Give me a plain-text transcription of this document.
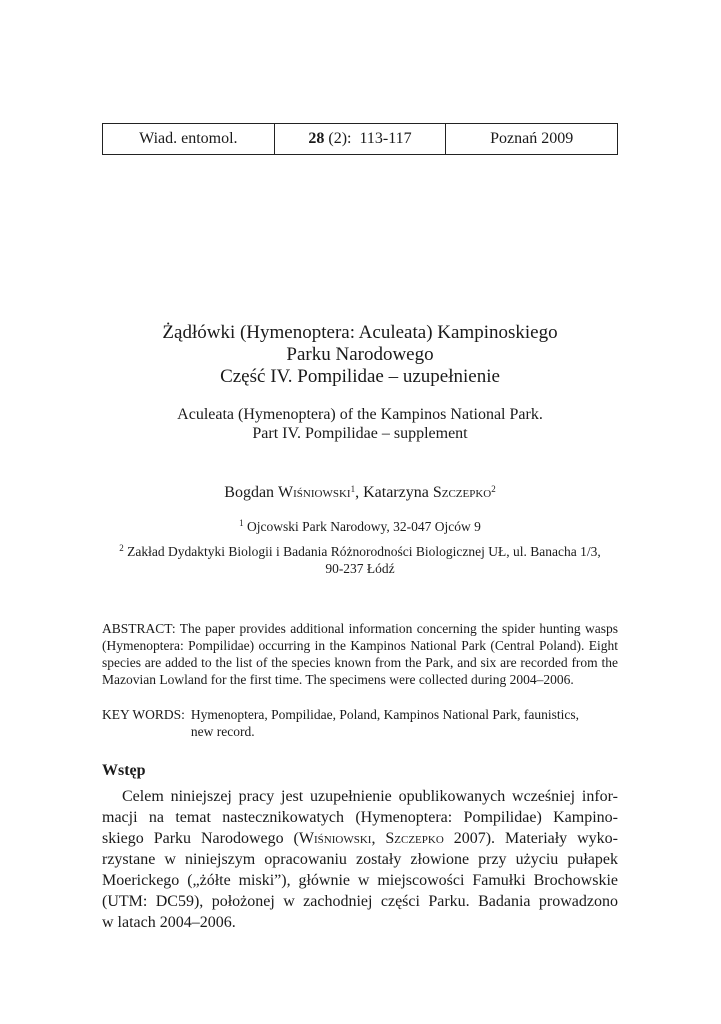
Wiad. entomol.	28 (2):  113-117	Poznań 2009
Żądłówki (Hymenoptera: Aculeata) Kampinoskiego
Parku Narodowego
Część IV. Pompilidae – uzupełnienie
Aculeata (Hymenoptera) of the Kampinos National Park.
Part IV. Pompilidae – supplement
Bogdan Wiśniowski$^1$, Katarzyna Szczepko$^2$
$^1$ Ojcowski Park Narodowy, 32-047 Ojców 9
$^2$ Zakład Dydaktyki Biologii i Badania Różnorodności Biologicznej UŁ, ul. Banacha 1/3,
90-237 Łódź

ABSTRACT: The paper provides additional information concerning the spider hunting wasps (Hymenoptera: Pompilidae) occurring in the Kampinos National Park (Central Poland). Eight species are added to the list of the species known from the Park, and six are recorded from the Mazovian Lowland for the first time. The specimens were collected during 2004–2006.

KEY WORDS: Hymenoptera, Pompilidae, Poland, Kampinos National Park, faunistics,
new record.
Wstęp
Celem niniejszej pracy jest uzupełnienie opublikowanych wcześniej infor-
macji na temat nastecznikowatych (Hymenoptera: Pompilidae) Kampino-
skiego Parku Narodowego (Wiśniowski, Szczepko 2007). Materiały wyko-
rzystane w niniejszym opracowaniu zostały złowione przy użyciu pułapek
Moerickego („żółte miski”), głównie w miejscowości Famułki Brochowskie
(UTM: DC59), położonej w zachodniej części Parku. Badania prowadzono
w latach 2004–2006.
